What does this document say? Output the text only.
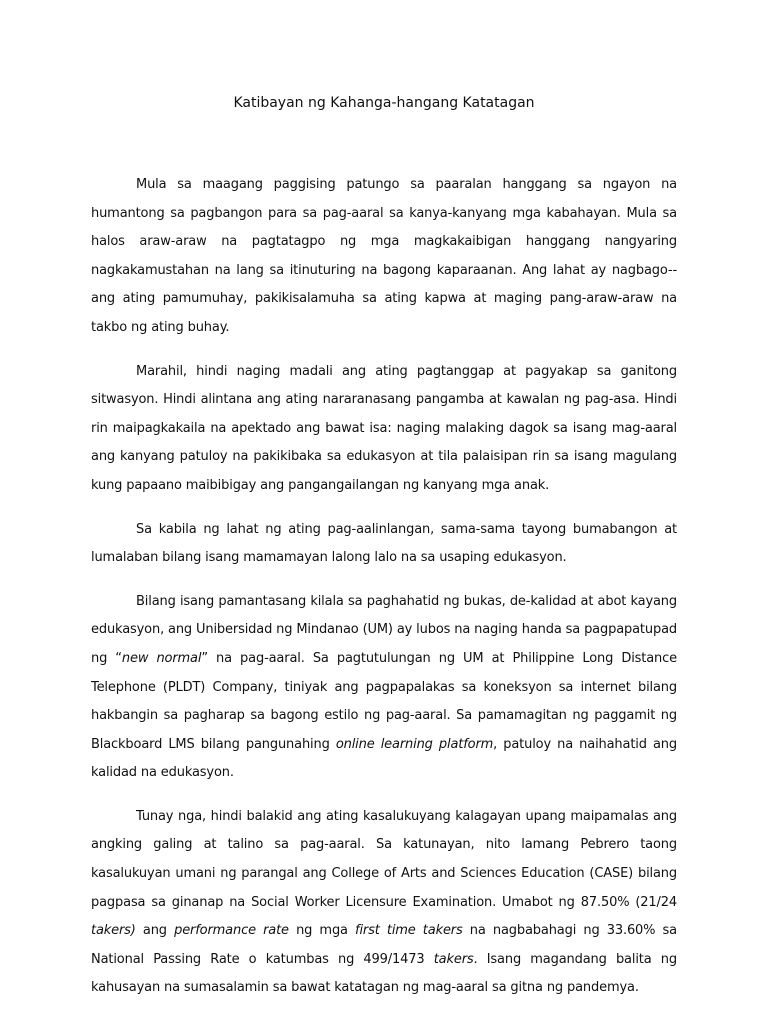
Katibayan ng Kahanga-hangang Katatagan

Mula sa maagang paggising patungo sa paaralan hanggang sa ngayon na humantong sa pagbangon para sa pag-aaral sa kanya-kanyang mga kabahayan. Mula sa halos araw-araw na pagtatagpo ng mga magkakaibigan hanggang nangyaring nagkakamustahan na lang sa itinuturing na bagong kaparaanan. Ang lahat ay nagbago--ang ating pamumuhay, pakikisalamuha sa ating kapwa at maging pang-araw-araw na takbo ng ating buhay.

Marahil, hindi naging madali ang ating pagtanggap at pagyakap sa ganitong sitwasyon. Hindi alintana ang ating nararanasang pangamba at kawalan ng pag-asa. Hindi rin maipagkakaila na apektado ang bawat isa: naging malaking dagok sa isang mag-aaral ang kanyang patuloy na pakikibaka sa edukasyon at tila palaisipan rin sa isang magulang kung papaano maibibigay ang pangangailangan ng kanyang mga anak.

Sa kabila ng lahat ng ating pag-aalinlangan, sama-sama tayong bumabangon at lumalaban bilang isang mamamayan lalong lalo na sa usaping edukasyon.

Bilang isang pamantasang kilala sa paghahatid ng bukas, de-kalidad at abot kayang edukasyon, ang Unibersidad ng Mindanao (UM) ay lubos na naging handa sa pagpapatupad ng “new normal” na pag-aaral. Sa pagtutulungan ng UM at Philippine Long Distance Telephone (PLDT) Company, tiniyak ang pagpapalakas sa koneksyon sa internet bilang hakbangin sa pagharap sa bagong estilo ng pag-aaral. Sa pamamagitan ng paggamit ng Blackboard LMS bilang pangunahing online learning platform, patuloy na naihahatid ang kalidad na edukasyon.

Tunay nga, hindi balakid ang ating kasalukuyang kalagayan upang maipamalas ang angking galing at talino sa pag-aaral. Sa katunayan, nito lamang Pebrero taong kasalukuyan umani ng parangal ang College of Arts and Sciences Education (CASE) bilang pagpasa sa ginanap na Social Worker Licensure Examination. Umabot ng 87.50% (21/24 takers) ang performance rate ng mga first time takers na nagbabahagi ng 33.60% sa National Passing Rate o katumbas ng 499/1473 takers. Isang magandang balita ng kahusayan na sumasalamin sa bawat katatagan ng mag-aaral sa gitna ng pandemya.
